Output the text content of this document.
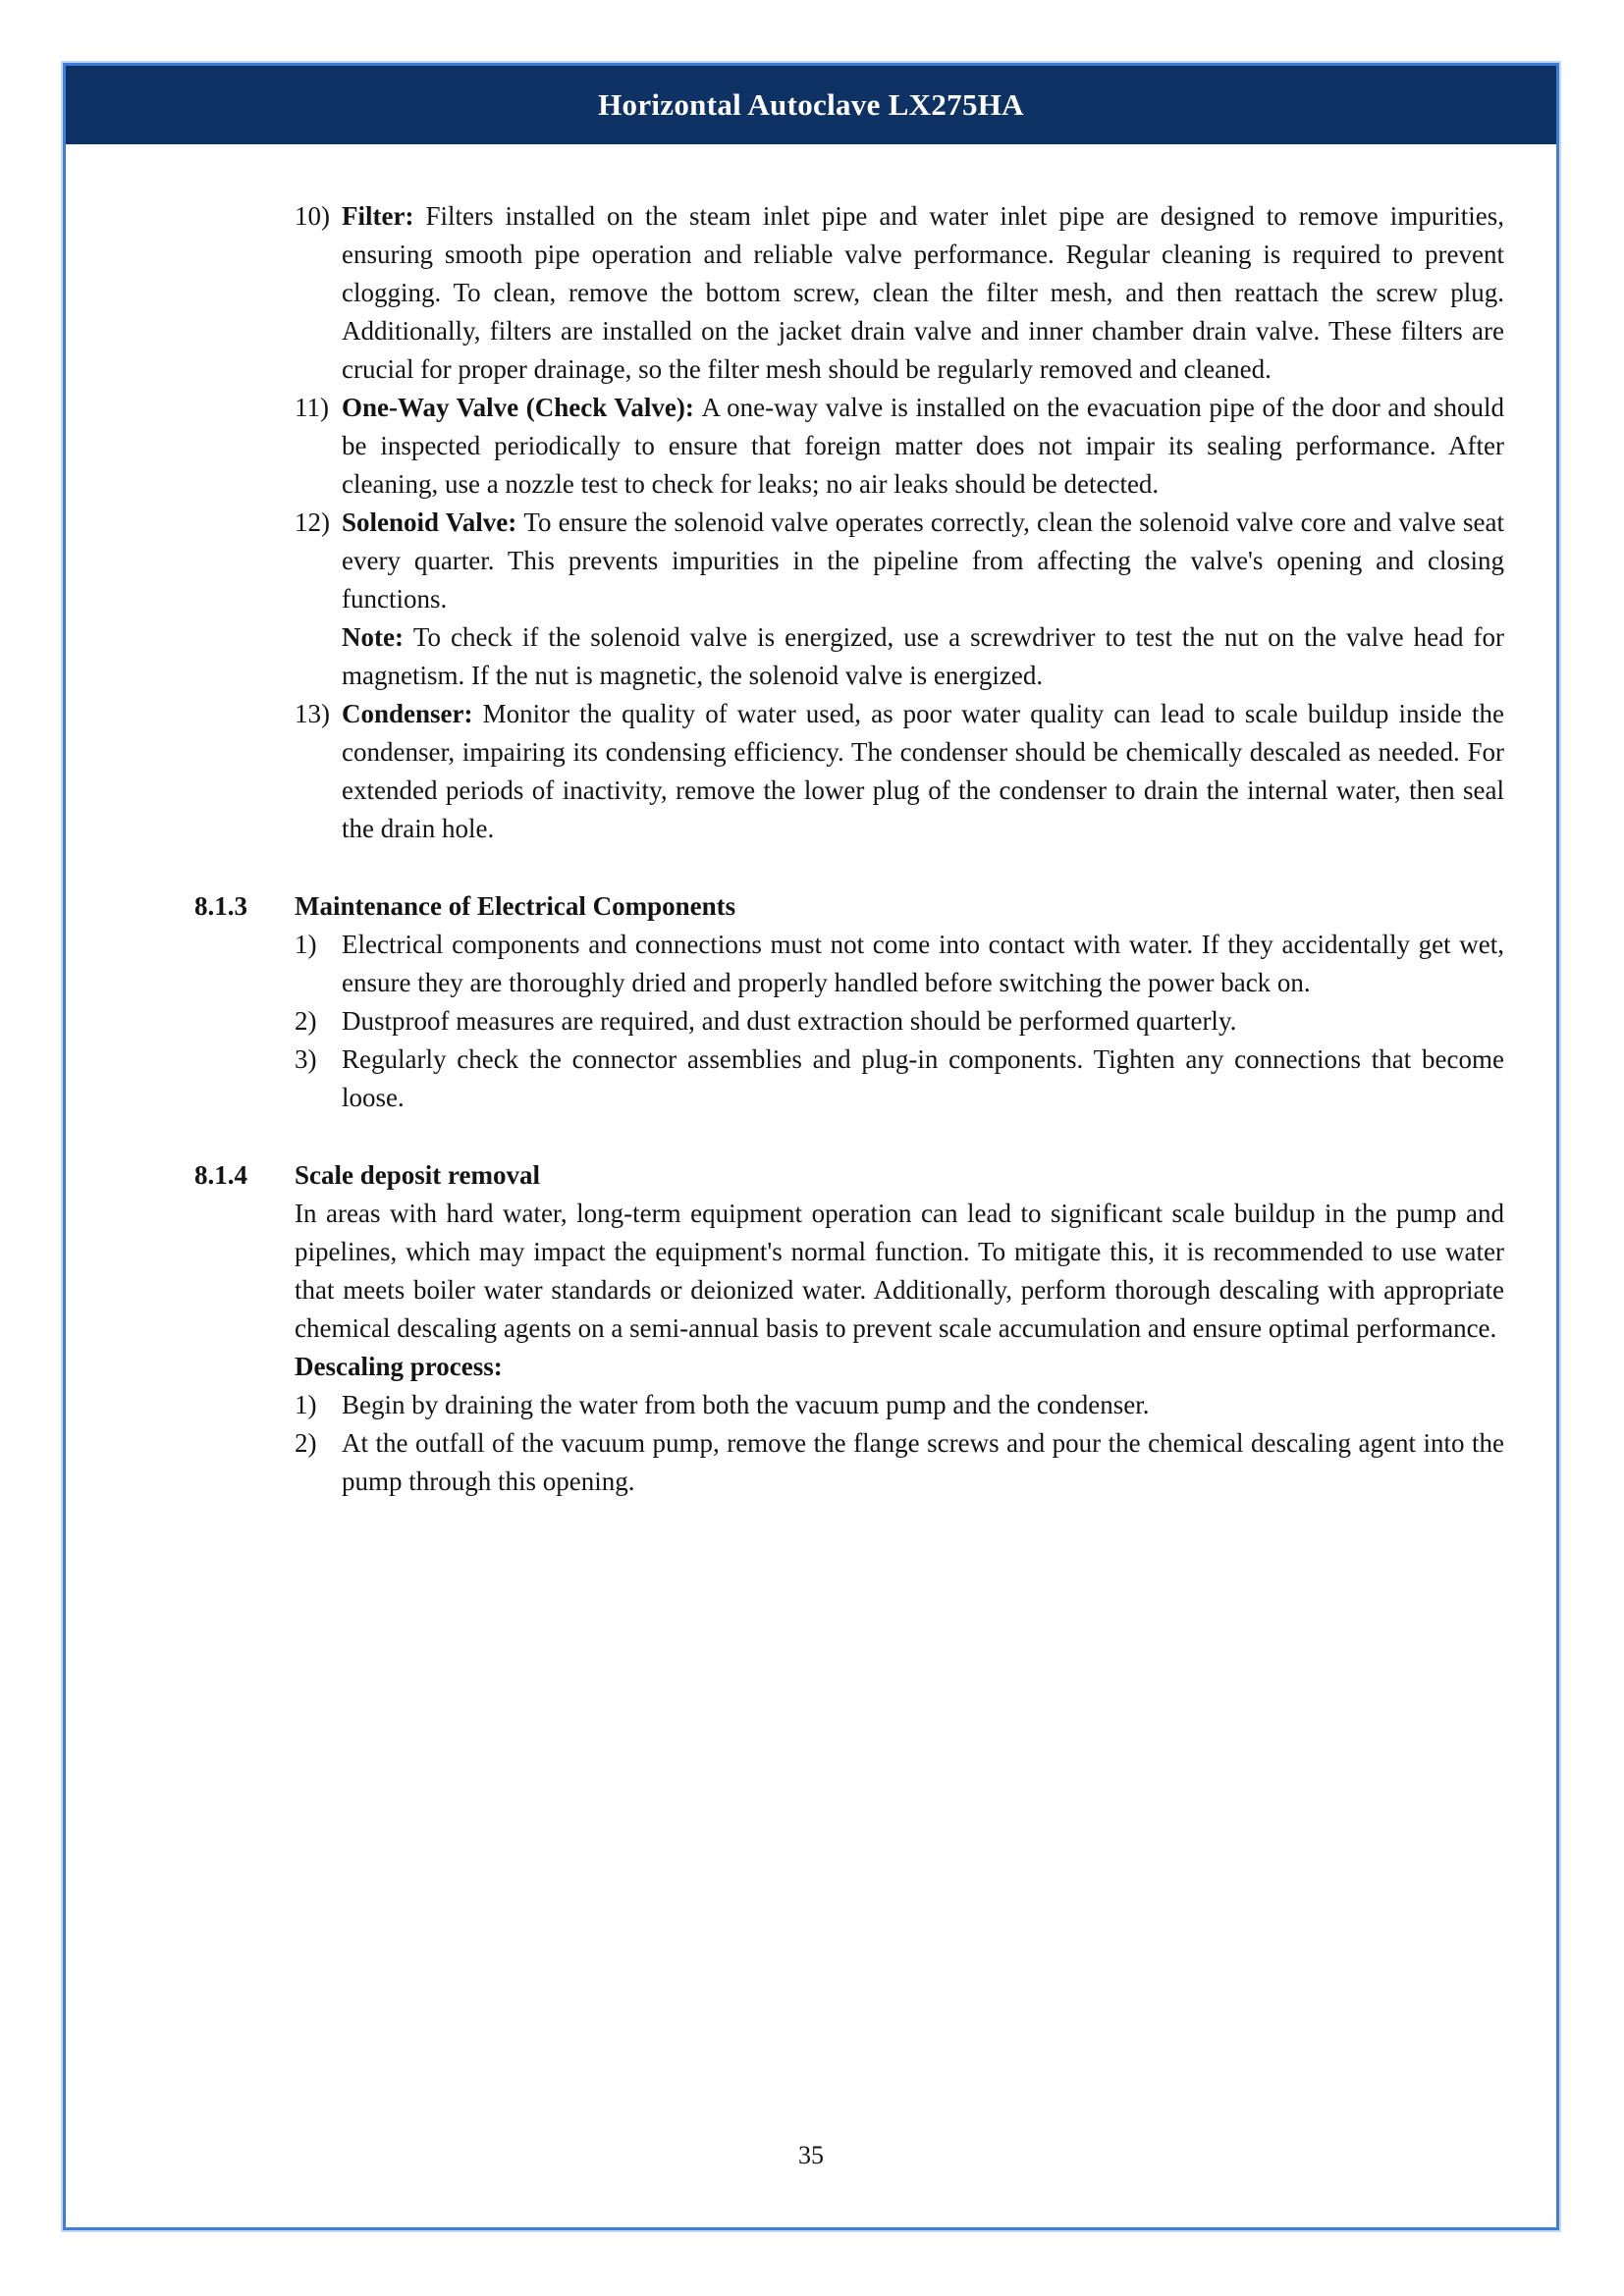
Horizontal Autoclave LX275HA
10) Filter: Filters installed on the steam inlet pipe and water inlet pipe are designed to remove impurities, ensuring smooth pipe operation and reliable valve performance. Regular cleaning is required to prevent clogging. To clean, remove the bottom screw, clean the filter mesh, and then reattach the screw plug. Additionally, filters are installed on the jacket drain valve and inner chamber drain valve. These filters are crucial for proper drainage, so the filter mesh should be regularly removed and cleaned.

11) One-Way Valve (Check Valve): A one-way valve is installed on the evacuation pipe of the door and should be inspected periodically to ensure that foreign matter does not impair its sealing performance. After cleaning, use a nozzle test to check for leaks; no air leaks should be detected.

12) Solenoid Valve: To ensure the solenoid valve operates correctly, clean the solenoid valve core and valve seat every quarter. This prevents impurities in the pipeline from affecting the valve's opening and closing functions.

Note: To check if the solenoid valve is energized, use a screwdriver to test the nut on the valve head for magnetism. If the nut is magnetic, the solenoid valve is energized.

13) Condenser: Monitor the quality of water used, as poor water quality can lead to scale buildup inside the condenser, impairing its condensing efficiency. The condenser should be chemically descaled as needed. For extended periods of inactivity, remove the lower plug of the condenser to drain the internal water, then seal the drain hole.

8.1.3	Maintenance of Electrical Components
1) Electrical components and connections must not come into contact with water. If they accidentally get wet, ensure they are thoroughly dried and properly handled before switching the power back on.

2) Dustproof measures are required, and dust extraction should be performed quarterly.

3) Regularly check the connector assemblies and plug-in components. Tighten any connections that become loose.

8.1.4	Scale deposit removal

In areas with hard water, long-term equipment operation can lead to significant scale buildup in the pump and pipelines, which may impact the equipment's normal function. To mitigate this, it is recommended to use water that meets boiler water standards or deionized water. Additionally, perform thorough descaling with appropriate chemical descaling agents on a semi-annual basis to prevent scale accumulation and ensure optimal performance.

Descaling process:

1) Begin by draining the water from both the vacuum pump and the condenser.

2) At the outfall of the vacuum pump, remove the flange screws and pour the chemical descaling agent into the pump through this opening.

35
